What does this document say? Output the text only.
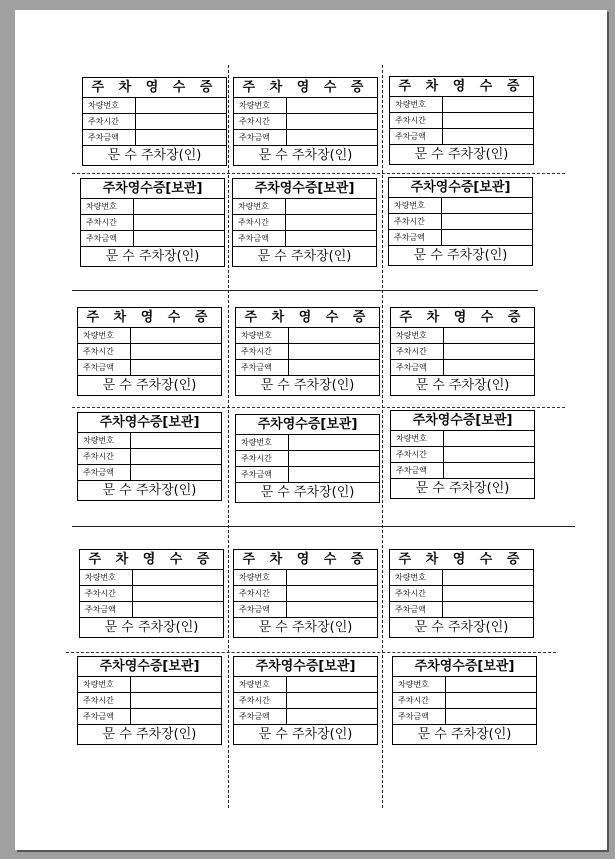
주 차 영 수 증
차량번호
주차시간
주차금액
문 수 주차장(인)
주 차 영 수 증
차량번호
주차시간
주차금액
문 수 주차장(인)
주 차 영 수 증
차량번호
주차시간
주차금액
문 수 주차장(인)
주차영수증[보관]
차량번호
주차시간
주차금액
문 수 주차장(인)
주차영수증[보관]
차량번호
주차시간
주차금액
문 수 주차장(인)
주차영수증[보관]
차량번호
주차시간
주차금액
문 수 주차장(인)
주 차 영 수 증
차량번호
주차시간
주차금액
문 수 주차장(인)
주 차 영 수 증
차량번호
주차시간
주차금액
문 수 주차장(인)
주 차 영 수 증
차량번호
주차시간
주차금액
문 수 주차장(인)
주차영수증[보관]
차량번호
주차시간
주차금액
문 수 주차장(인)
주차영수증[보관]
차량번호
주차시간
주차금액
문 수 주차장(인)
주차영수증[보관]
차량번호
주차시간
주차금액
문 수 주차장(인)
주 차 영 수 증
차량번호
주차시간
주차금액
문 수 주차장(인)
주 차 영 수 증
차량번호
주차시간
주차금액
문 수 주차장(인)
주 차 영 수 증
차량번호
주차시간
주차금액
문 수 주차장(인)
주차영수증[보관]
차량번호
주차시간
주차금액
문 수 주차장(인)
주차영수증[보관]
차량번호
주차시간
주차금액
문 수 주차장(인)
주차영수증[보관]
차량번호
주차시간
주차금액
문 수 주차장(인)
